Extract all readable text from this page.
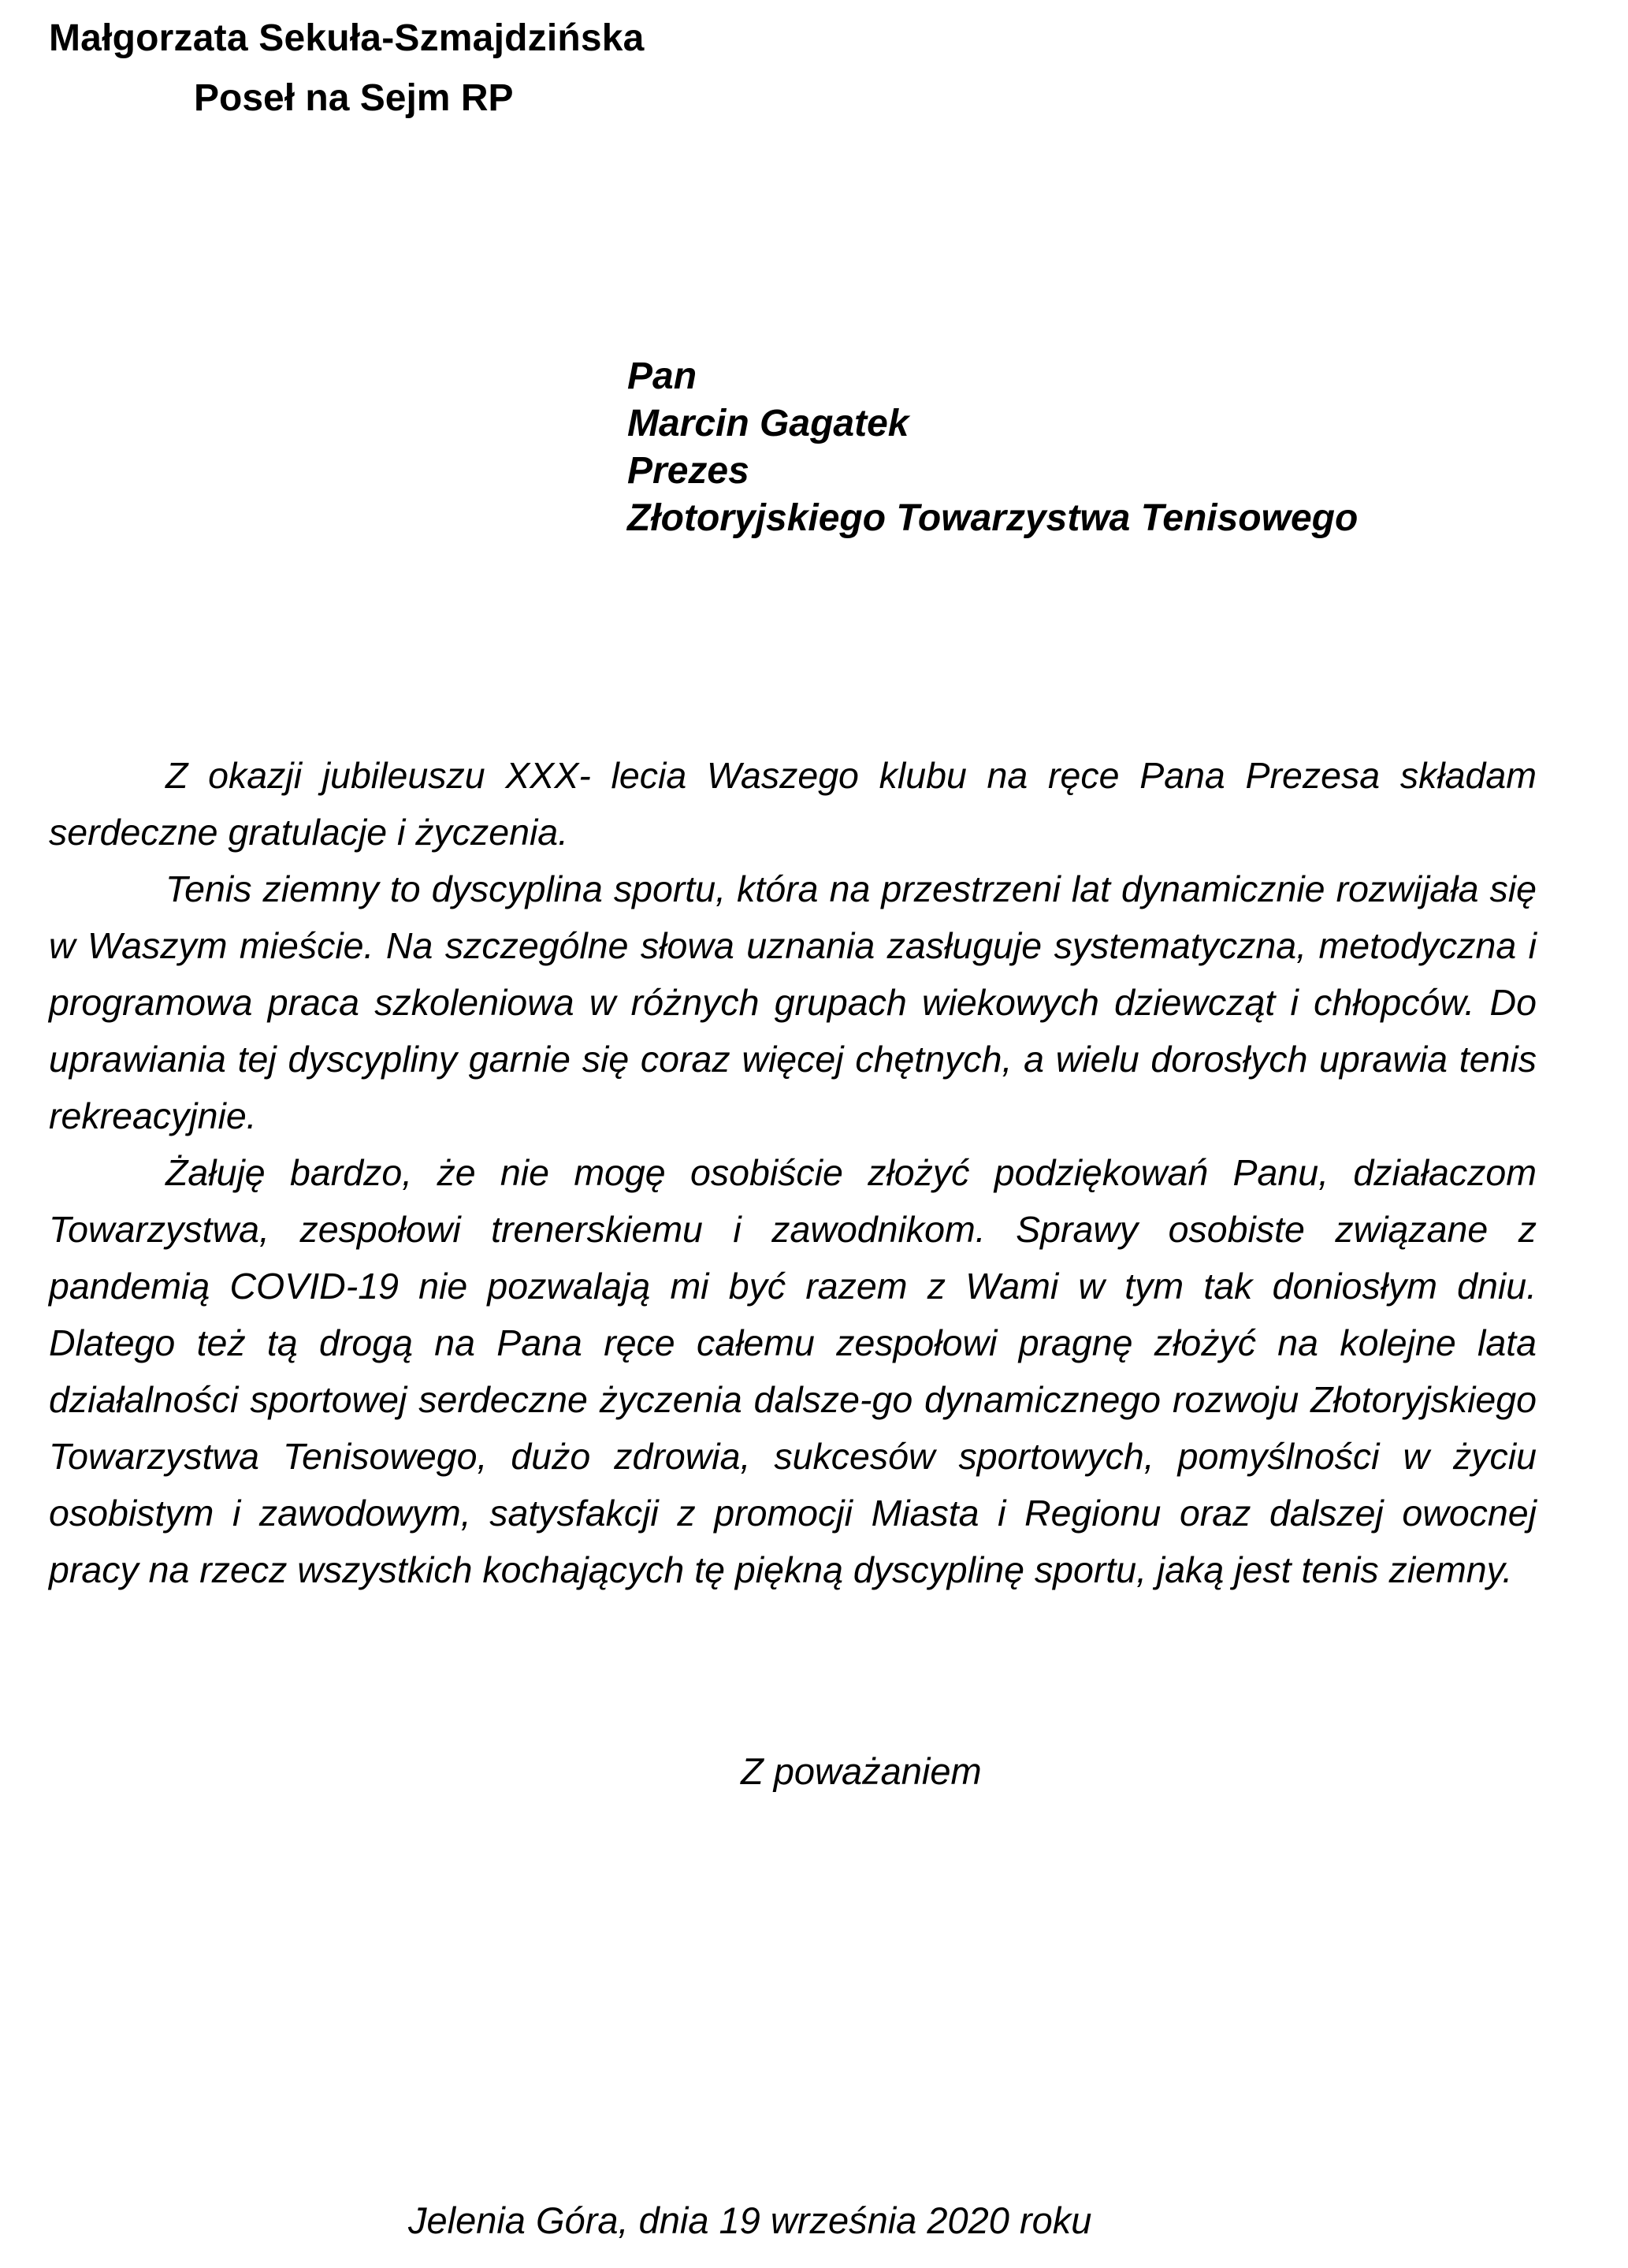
Małgorzata Sekuła-Szmajdzińska
Poseł na Sejm RP
Pan
Marcin Gagatek
Prezes
Złotoryjskiego Towarzystwa Tenisowego

Z okazji jubileuszu XXX- lecia Waszego klubu na ręce Pana Prezesa składam serdeczne gratulacje i życzenia.

Tenis ziemny to dyscyplina sportu, która na przestrzeni lat dynamicznie rozwijała się w Waszym mieście. Na szczególne słowa uznania zasługuje systematyczna, metodyczna i programowa praca szkoleniowa w różnych grupach wiekowych dziewcząt i chłopców. Do uprawiania tej dyscypliny garnie się coraz więcej chętnych, a wielu dorosłych uprawia tenis rekreacyjnie.

Żałuję bardzo, że nie mogę osobiście złożyć podziękowań Panu, działaczom Towarzystwa, zespołowi trenerskiemu i zawodnikom. Sprawy osobiste związane z pandemią COVID-19 nie pozwalają mi być razem z Wami w tym tak doniosłym dniu. Dlatego też tą drogą na Pana ręce całemu zespołowi pragnę złożyć na kolejne lata działalności sportowej serdeczne życzenia dalsze-go dynamicznego rozwoju Złotoryjskiego Towarzystwa Tenisowego, dużo zdrowia, sukcesów sportowych, pomyślności w życiu osobistym i zawodowym, satysfakcji z promocji Miasta i Regionu oraz dalszej owocnej pracy na rzecz wszystkich kochających tę piękną dyscyplinę sportu, jaką jest tenis ziemny.

Z poważaniem
Jelenia Góra, dnia 19 września 2020 roku
